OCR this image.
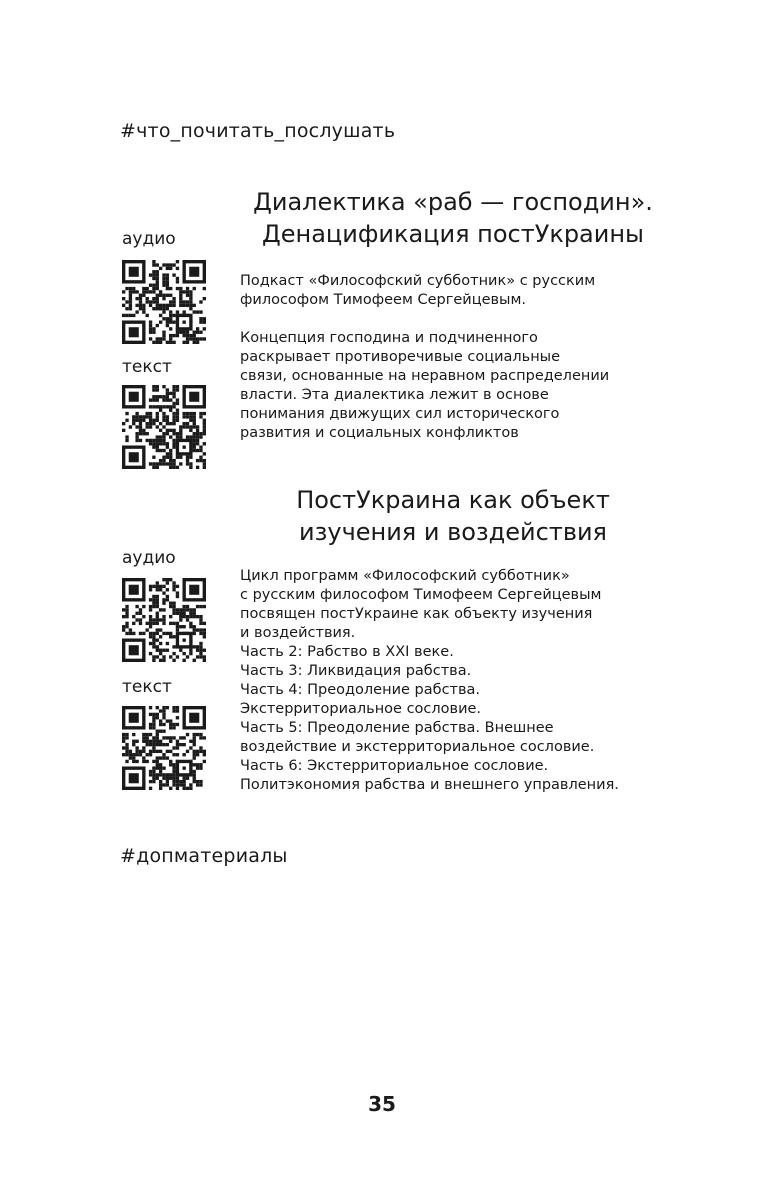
#что_почитать_послушать
Диалектика «раб — господин».
Денацификация постУкраины
аудио
текст
Подкаст «Философский субботник» с русским
философом Тимофеем Сергейцевым.
Концепция господина и подчиненного
раскрывает противоречивые социальные
связи, основанные на неравном распределении
власти. Эта диалектика лежит в основе
понимания движущих сил исторического
развития и социальных конфликтов
ПостУкраина как объект
изучения и воздействия
аудио
текст
Цикл программ «Философский субботник»
с русским философом Тимофеем Сергейцевым
посвящен постУкраине как объекту изучения
и воздействия.
Часть 2: Рабство в XXI веке.
Часть 3: Ликвидация рабства.
Часть 4: Преодоление рабства.
Экстерриториальное сословие.
Часть 5: Преодоление рабства. Внешнее
воздействие и экстерриториальное сословие.
Часть 6: Экстерриториальное сословие.
Политэкономия рабства и внешнего управления.
#допматериалы
35
